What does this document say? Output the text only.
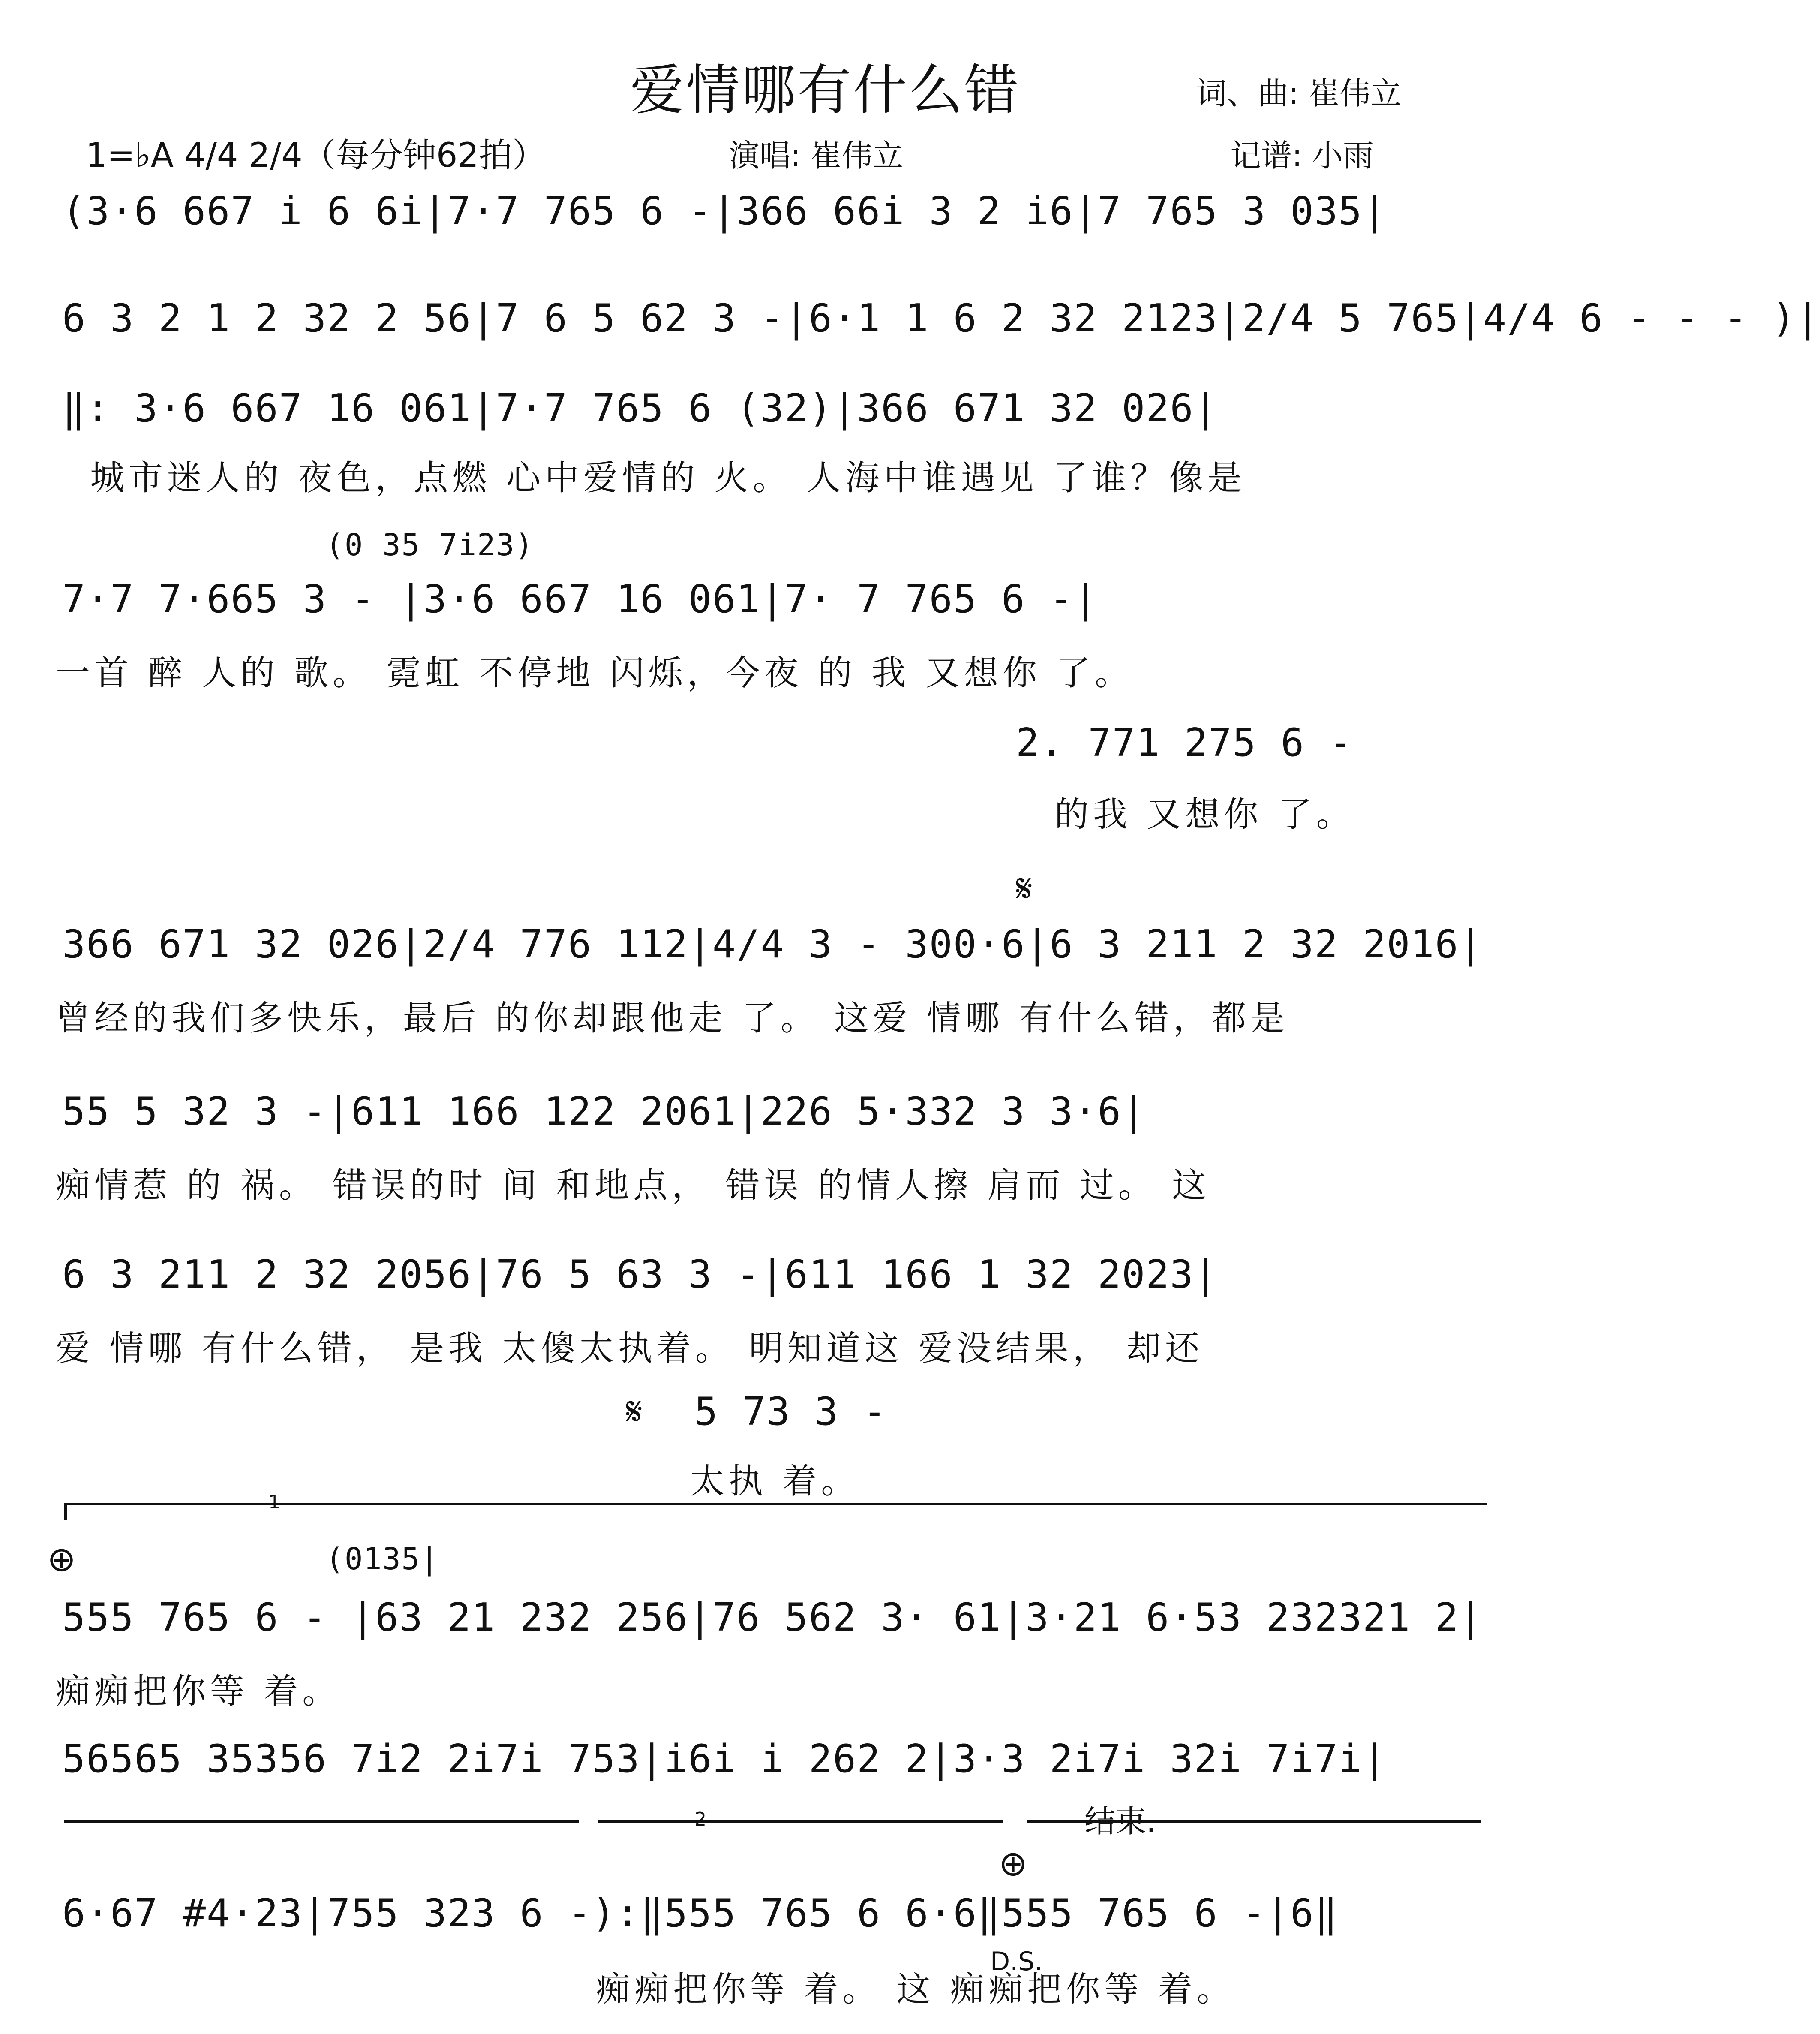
爱情哪有什么错	词、曲: 崔伟立
1=♭A 4/4 2/4（每分钟62拍）	演唱: 崔伟立	记谱: 小雨
(3·6 667 i 6 6i|7·7 765 6 -|366 66i 3 2 i6|7 765 3 035|
6 3 2 1 2 32 2 56|7 6 5 62 3 -|6·1 1 6 2 32 2123|2/4 5 765|4/4 6 - - - )|
‖: 3·6 667 16 061|7·7 765 6 (32)|366 671 32 026|
城市迷人的 夜色，点燃 心中爱情的 火。 人海中谁遇见 了谁？像是
(0 35 7i23)
7·7 7·665 3 - |3·6 667 16 061|7· 7 765 6 -|
一首 醉 人的 歌。 霓虹 不停地 闪烁，今夜 的 我 又想你 了。
2. 771 275 6 -
的我 又想你 了。
𝄋
366 671 32 026|2/4 776 112|4/4 3 - 300·6|6 3 211 2 32 2016|
曾经的我们多快乐，最后 的你却跟他走 了。 这爱 情哪 有什么错，都是
55 5 32 3 -|611 166 122 2061|226 5·332 3 3·6|
痴情惹 的 祸。 错误的时 间 和地点， 错误 的情人擦 肩而 过。 这
6 3 211 2 32 2056|76 5 63 3 -|611 166 1 32 2023|
爱 情哪 有什么错， 是我 太傻太执着。 明知道这 爱没结果， 却还
𝄋 5 73 3 -
太执 着。
1
⊕	(0135|
555 765 6 - |63 21 232 256|76 562 3· 61|3·21 6·53 232321 2|
痴痴把你等 着。
56565 35356 7i2 2i7i 753|i6i i 262 2|3·3 2i7i 32i 7i7i|
2	结束.
⊕
6·67 #4·23|755 323 6 -):‖555 765 6 6·6‖555 765 6 -|6‖
痴痴把你等 着。 这 痴痴把你等 着。
D.S.
